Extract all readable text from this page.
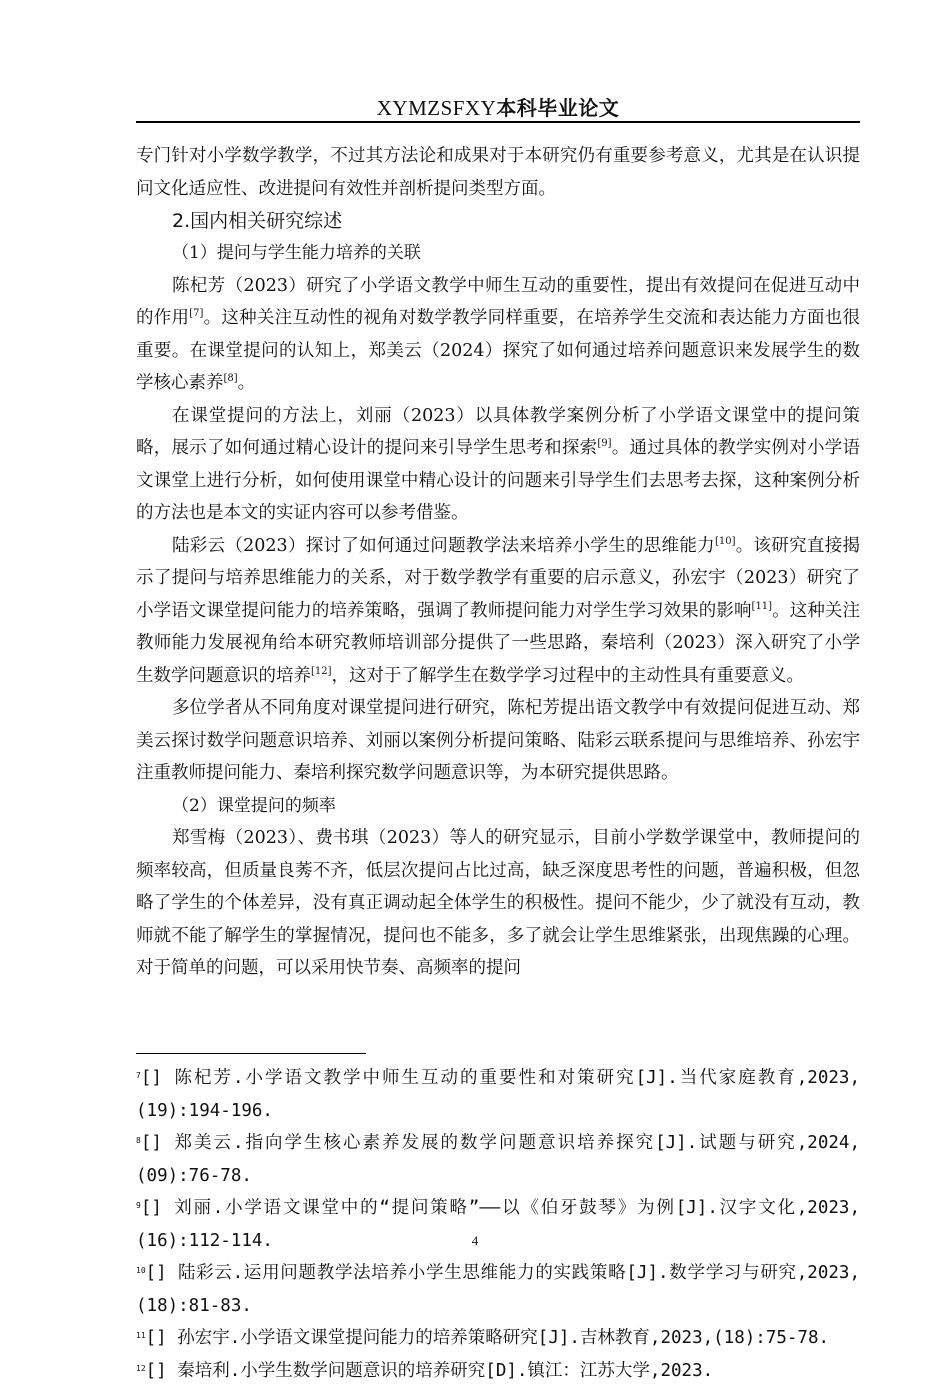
XYMZSFXY本科毕业论文

专门针对小学数学教学，不过其方法论和成果对于本研究仍有重要参考意义，尤其是在认识提问文化适应性、改进提问有效性并剖析提问类型方面。

2.国内相关研究综述

（1）提问与学生能力培养的关联

陈杞芳（2023）研究了小学语文教学中师生互动的重要性，提出有效提问在促进互动中的作用[7]。这种关注互动性的视角对数学教学同样重要，在培养学生交流和表达能力方面也很重要。在课堂提问的认知上，郑美云（2024）探究了如何通过培养问题意识来发展学生的数学核心素养[8]。

在课堂提问的方法上，刘丽（2023）以具体教学案例分析了小学语文课堂中的提问策略，展示了如何通过精心设计的提问来引导学生思考和探索[9]。通过具体的教学实例对小学语文课堂上进行分析，如何使用课堂中精心设计的问题来引导学生们去思考去探，这种案例分析的方法也是本文的实证内容可以参考借鉴。

陆彩云（2023）探讨了如何通过问题教学法来培养小学生的思维能力[10]。该研究直接揭示了提问与培养思维能力的关系，对于数学教学有重要的启示意义，孙宏宇（2023）研究了小学语文课堂提问能力的培养策略，强调了教师提问能力对学生学习效果的影响[11]。这种关注教师能力发展视角给本研究教师培训部分提供了一些思路，秦培利（2023）深入研究了小学生数学问题意识的培养[12]，这对于了解学生在数学学习过程中的主动性具有重要意义。

多位学者从不同角度对课堂提问进行研究，陈杞芳提出语文教学中有效提问促进互动、郑美云探讨数学问题意识培养、刘丽以案例分析提问策略、陆彩云联系提问与思维培养、孙宏宇注重教师提问能力、秦培利探究数学问题意识等，为本研究提供思路。

（2）课堂提问的频率

郑雪梅（2023）、费书琪（2023）等人的研究显示，目前小学数学课堂中，教师提问的频率较高，但质量良莠不齐，低层次提问占比过高，缺乏深度思考性的问题，普遍积极，但忽略了学生的个体差异，没有真正调动起全体学生的积极性。提问不能少，少了就没有互动，教师就不能了解学生的掌握情况，提问也不能多，多了就会让学生思维紧张，出现焦躁的心理。 对于简单的问题，可以采用快节奏、高频率的提问

$^7$[] 陈杞芳.小学语文教学中师生互动的重要性和对策研究[J].当代家庭教育,2023,(19):194-196.

$^8$[] 郑美云.指向学生核心素养发展的数学问题意识培养探究[J].试题与研究,2024,(09):76-78.

$^9$[] 刘丽.小学语文课堂中的“提问策略”——以《伯牙鼓琴》为例[J].汉字文化,2023,(16):112-114.

$^{10}$[] 陆彩云.运用问题教学法培养小学生思维能力的实践策略[J].数学学习与研究,2023,(18):81-83.

$^{11}$[] 孙宏宇.小学语文课堂提问能力的培养策略研究[J].吉林教育,2023,(18):75-78.

$^{12}$[] 秦培利.小学生数学问题意识的培养研究[D].镇江：江苏大学,2023.

4
